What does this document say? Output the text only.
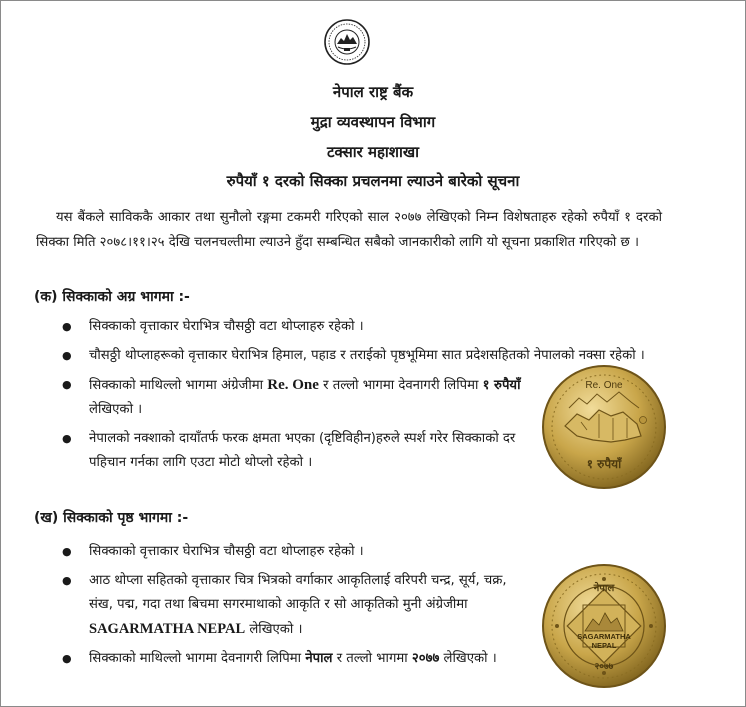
नेपाल राष्ट्र बैंक
मुद्रा व्यवस्थापन विभाग
टक्सार महाशाखा
रुपैयाँ १ दरको सिक्का प्रचलनमा ल्याउने बारेको सूचना
यस बैंकले साविककै आकार तथा सुनौलो रङ्गमा टकमरी गरिएको साल २०७७ लेखिएको निम्न विशेषताहरु रहेको रुपैयाँ १ दरको सिक्का मिति २०७८।११।२५ देखि चलनचल्तीमा ल्याउने हुँदा सम्बन्धित सबैको जानकारीको लागि यो सूचना प्रकाशित गरिएको छ ।
(क) सिक्काको अग्र भागमा :-
● सिक्काको वृत्ताकार घेराभित्र चौसठ्ठी वटा थोप्लाहरु रहेको ।
● चौसठ्ठी थोप्लाहरूको वृत्ताकार घेराभित्र हिमाल, पहाड र तराईको पृष्ठभूमिमा सात प्रदेशसहितको नेपालको नक्सा रहेको ।
● सिक्काको माथिल्लो भागमा अंग्रेजीमा Re. One र तल्लो भागमा देवनागरी लिपिमा १ रुपैयाँ लेखिएको ।
● नेपालको नक्शाको दायाँतर्फ फरक क्षमता भएका (दृष्टिविहीन)हरुले स्पर्श गरेर सिक्काको दर पहिचान गर्नका लागि एउटा मोटो थोप्लो रहेको ।
Re. One
१ रुपैयाँ
(ख) सिक्काको पृष्ठ भागमा :-
● सिक्काको वृत्ताकार घेराभित्र चौसठ्ठी वटा थोप्लाहरु रहेको ।
● आठ थोप्ला सहितको वृत्ताकार चित्र भित्रको वर्गाकार आकृतिलाई वरिपरी चन्द्र, सूर्य, चक्र, संख, पद्म, गदा तथा बिचमा सगरमाथाको आकृति र सो आकृतिको मुनी अंग्रेजीमा SAGARMATHA NEPAL लेखिएको ।
● सिक्काको माथिल्लो भागमा देवनागरी लिपिमा नेपाल र तल्लो भागमा २०७७ लेखिएको ।
नेपाल
SAGARMATHA
NEPAL
२०७७
